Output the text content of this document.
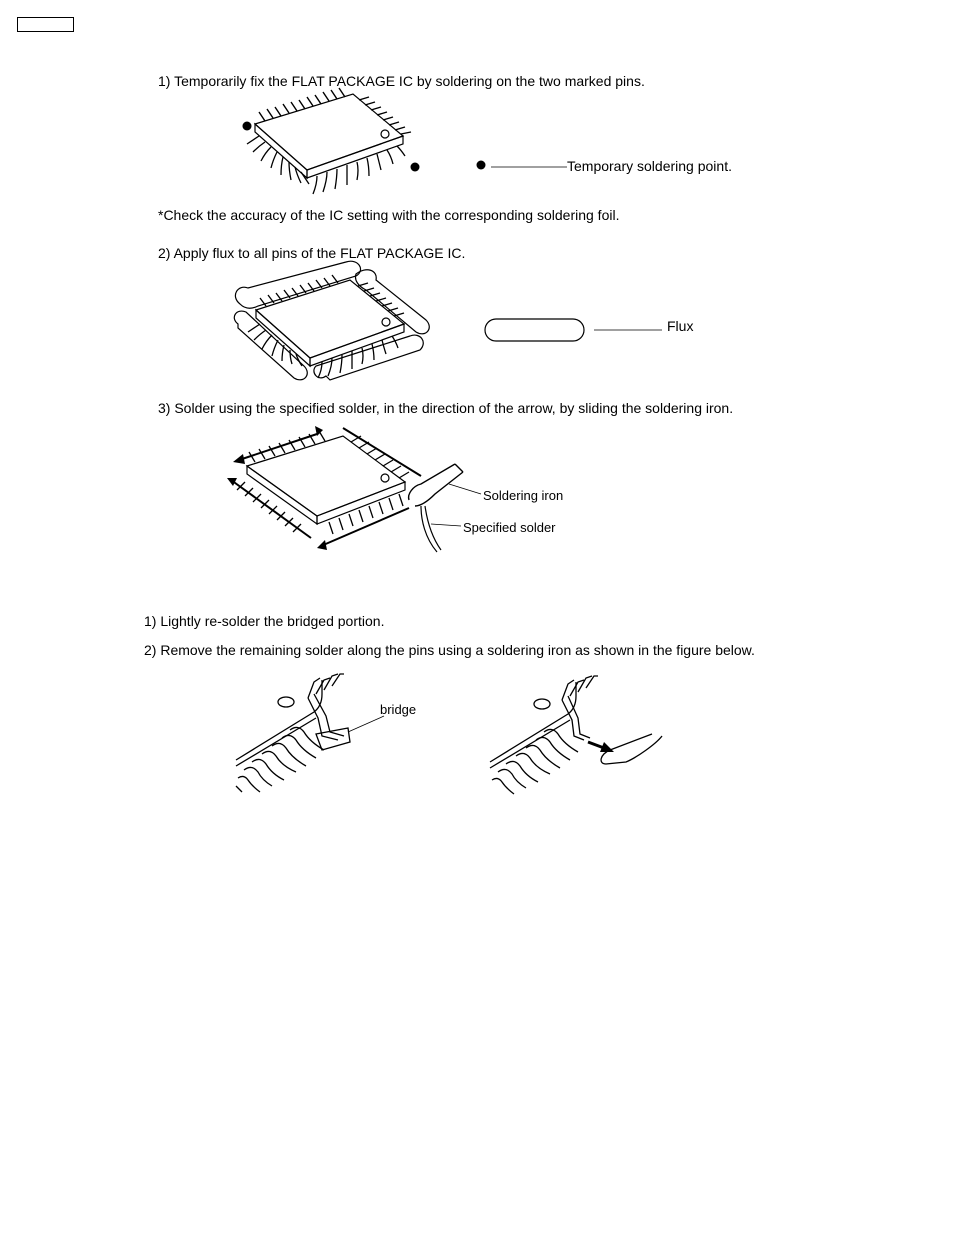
1) Temporarily fix the FLAT PACKAGE IC by soldering on the two marked pins.
Temporary soldering point.
*Check the accuracy of the IC setting with the corresponding soldering foil.
2) Apply flux to all pins of the FLAT PACKAGE IC.
Flux
3) Solder using the specified solder, in the direction of the arrow, by sliding the soldering iron.
Soldering iron
Specified solder
1) Lightly re-solder the bridged portion.
2) Remove the remaining solder along the pins using a soldering iron as shown in the figure below.
bridge
